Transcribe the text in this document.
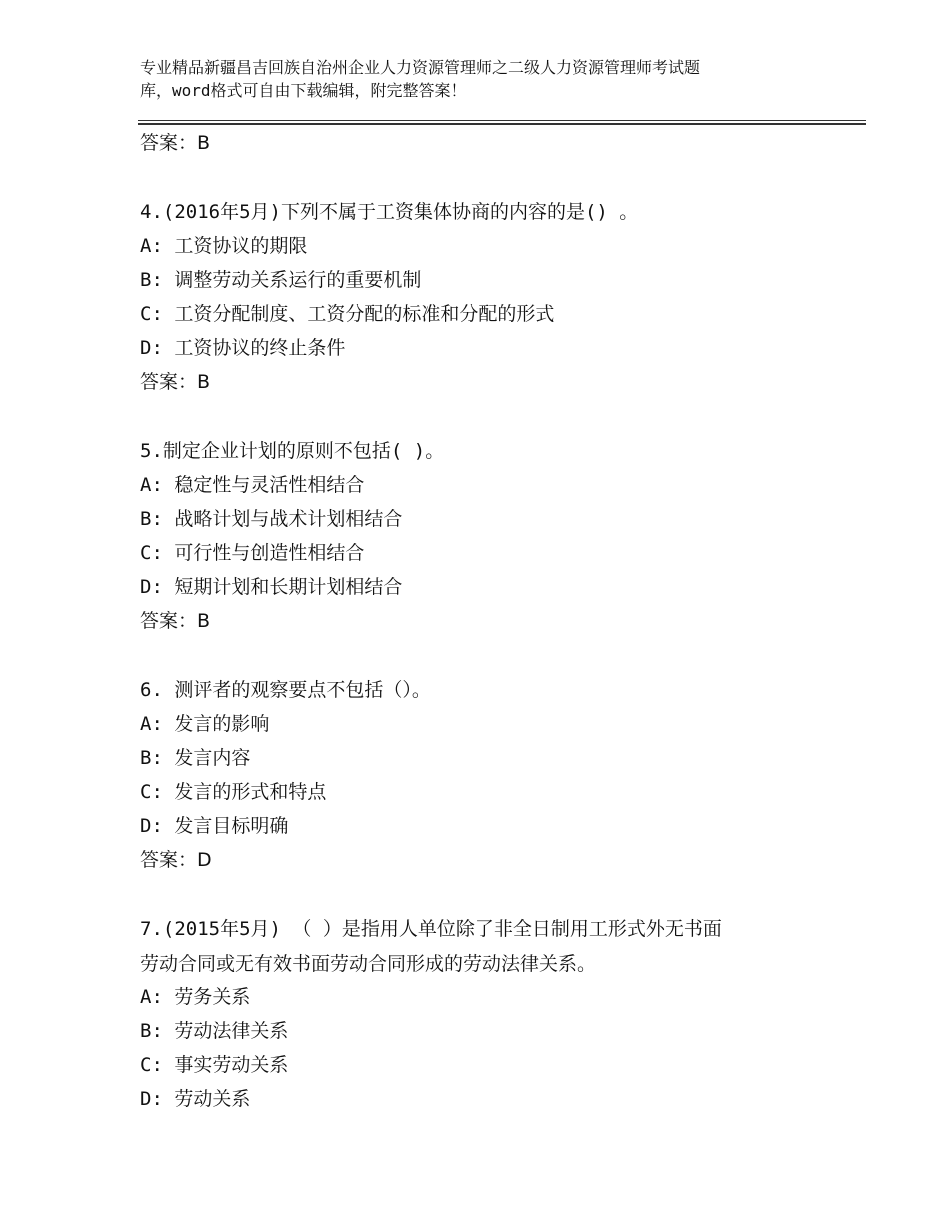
专业精品新疆昌吉回族自治州企业人力资源管理师之二级人力资源管理师考试题
库，word格式可自由下载编辑，附完整答案！
答案：B
4.(2016年5月)下列不属于工资集体协商的内容的是() 。
A: 工资协议的期限
B: 调整劳动关系运行的重要机制
C: 工资分配制度、工资分配的标准和分配的形式
D: 工资协议的终止条件
答案：B
5.制定企业计划的原则不包括( )。
A: 稳定性与灵活性相结合
B: 战略计划与战术计划相结合
C: 可行性与创造性相结合
D: 短期计划和长期计划相结合
答案：B
6. 测评者的观察要点不包括（）。
A: 发言的影响
B: 发言内容
C: 发言的形式和特点
D: 发言目标明确
答案：D
7.(2015年5月) （ ）是指用人单位除了非全日制用工形式外无书面
劳动合同或无有效书面劳动合同形成的劳动法律关系。
A: 劳务关系
B: 劳动法律关系
C: 事实劳动关系
D: 劳动关系
